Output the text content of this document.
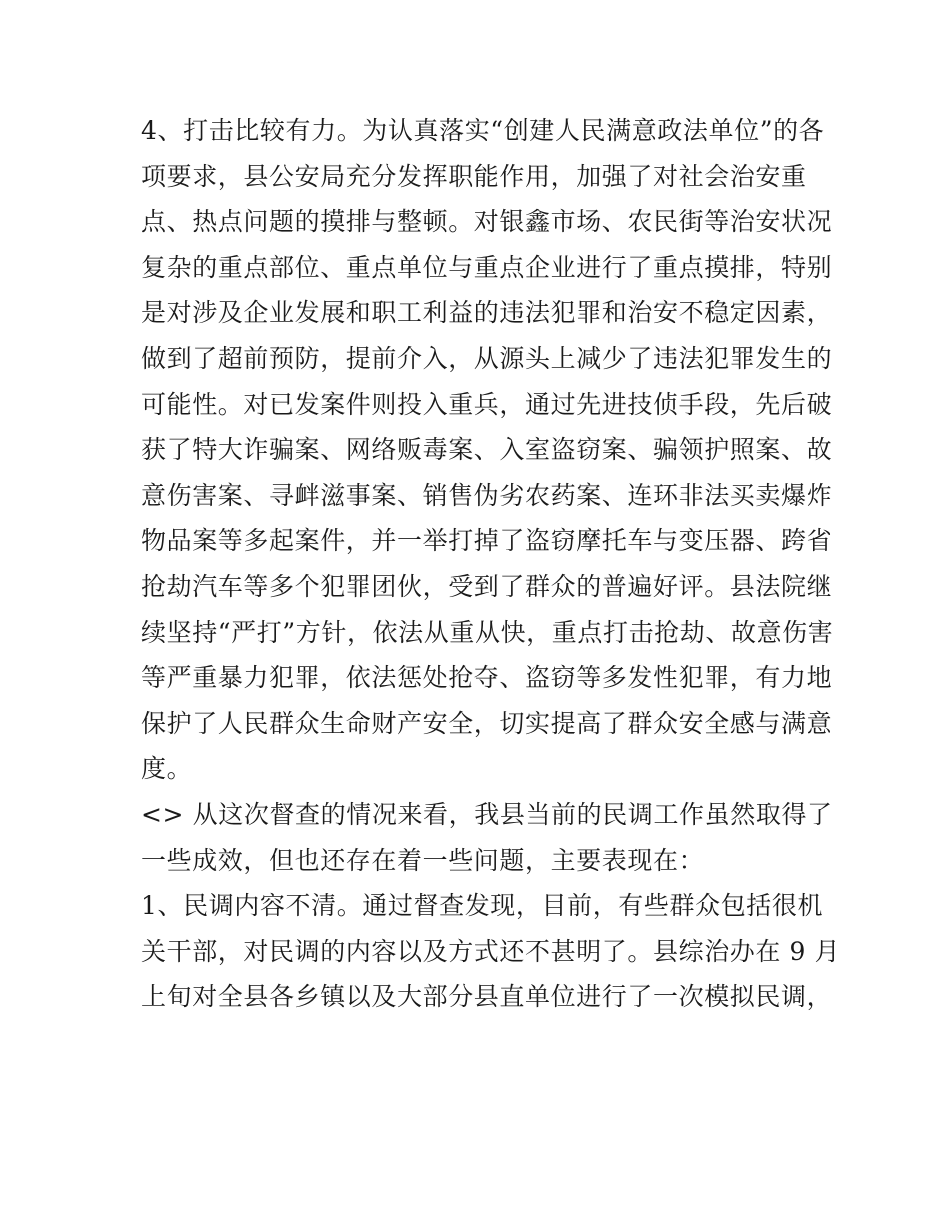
4、打击比较有力。为认真落实“创建人民满意政法单位”的各
项要求，县公安局充分发挥职能作用，加强了对社会治安重
点、热点问题的摸排与整顿。对银鑫市场、农民街等治安状况
复杂的重点部位、重点单位与重点企业进行了重点摸排，特别
是对涉及企业发展和职工利益的违法犯罪和治安不稳定因素，
做到了超前预防，提前介入，从源头上减少了违法犯罪发生的
可能性。对已发案件则投入重兵，通过先进技侦手段，先后破
获了特大诈骗案、网络贩毒案、入室盗窃案、骗领护照案、故
意伤害案、寻衅滋事案、销售伪劣农药案、连环非法买卖爆炸
物品案等多起案件，并一举打掉了盗窃摩托车与变压器、跨省
抢劫汽车等多个犯罪团伙，受到了群众的普遍好评。县法院继
续坚持“严打”方针，依法从重从快，重点打击抢劫、故意伤害
等严重暴力犯罪，依法惩处抢夺、盗窃等多发性犯罪，有力地
保护了人民群众生命财产安全，切实提高了群众安全感与满意
度。
<> 从这次督查的情况来看，我县当前的民调工作虽然取得了
一些成效，但也还存在着一些问题，主要表现在：
1、民调内容不清。通过督查发现，目前，有些群众包括很机
关干部，对民调的内容以及方式还不甚明了。县综治办在 9 月
上旬对全县各乡镇以及大部分县直单位进行了一次模拟民调，
